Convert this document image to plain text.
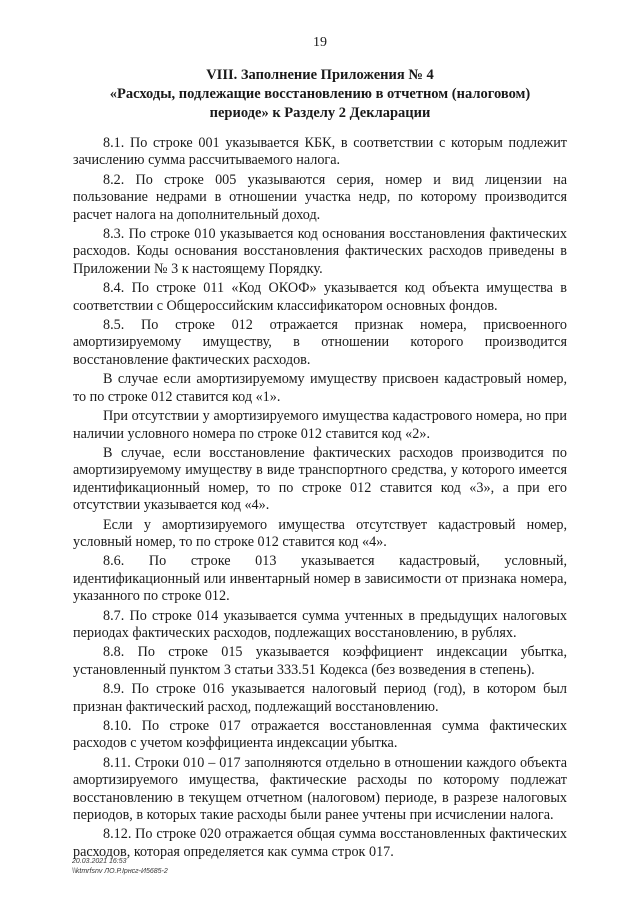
19
VIII. Заполнение Приложения № 4
«Расходы, подлежащие восстановлению в отчетном (налоговом)
периоде» к Разделу 2 Декларации

8.1. По строке 001 указывается КБК, в соответствии с которым подлежит зачислению сумма рассчитываемого налога.

8.2. По строке 005 указываются серия, номер и вид лицензии на пользование недрами в отношении участка недр, по которому производится расчет налога на дополнительный доход.

8.3. По строке 010 указывается код основания восстановления фактических расходов. Коды основания восстановления фактических расходов приведены в Приложении № 3 к настоящему Порядку.

8.4. По строке 011 «Код ОКОФ» указывается код объекта имущества в соответствии с Общероссийским классификатором основных фондов.

8.5. По строке 012 отражается признак номера, присвоенного амортизируемому имуществу, в отношении которого производится восстановление фактических расходов.

В случае если амортизируемому имуществу присвоен кадастровый номер, то по строке 012 ставится код «1».

При отсутствии у амортизируемого имущества кадастрового номера, но при наличии условного номера по строке 012 ставится код «2».

В случае, если восстановление фактических расходов производится по амортизируемому имуществу в виде транспортного средства, у которого имеется идентификационный номер, то по строке 012 ставится код «3», а при его отсутствии указывается код «4».

Если у амортизируемого имущества отсутствует кадастровый номер, условный номер, то по строке 012 ставится код «4».

8.6. По строке 013 указывается кадастровый, условный, идентификационный или инвентарный номер в зависимости от признака номера, указанного по строке 012.

8.7. По строке 014 указывается сумма учтенных в предыдущих налоговых периодах фактических расходов, подлежащих восстановлению, в рублях.

8.8. По строке 015 указывается коэффициент индексации убытка, установленный пунктом 3 статьи 333.51 Кодекса (без возведения в степень).

8.9. По строке 016 указывается налоговый период (год), в котором был признан фактический расход, подлежащий восстановлению.

8.10. По строке 017 отражается восстановленная сумма фактических расходов с учетом коэффициента индексации убытка.

8.11. Строки 010 – 017 заполняются отдельно в отношении каждого объекта амортизируемого имущества, фактические расходы по которому подлежат восстановлению в текущем отчетном (налоговом) периоде, в разрезе налоговых периодов, в которых такие расходы были ранее учтены при исчислении налога.

8.12. По строке 020 отражается общая сумма восстановленных фактических расходов, которая определяется как сумма строк 017.

20.03.2021 16:53
\\ktmrfsnv ЛО.Р.Ірнсг-И5685-2
